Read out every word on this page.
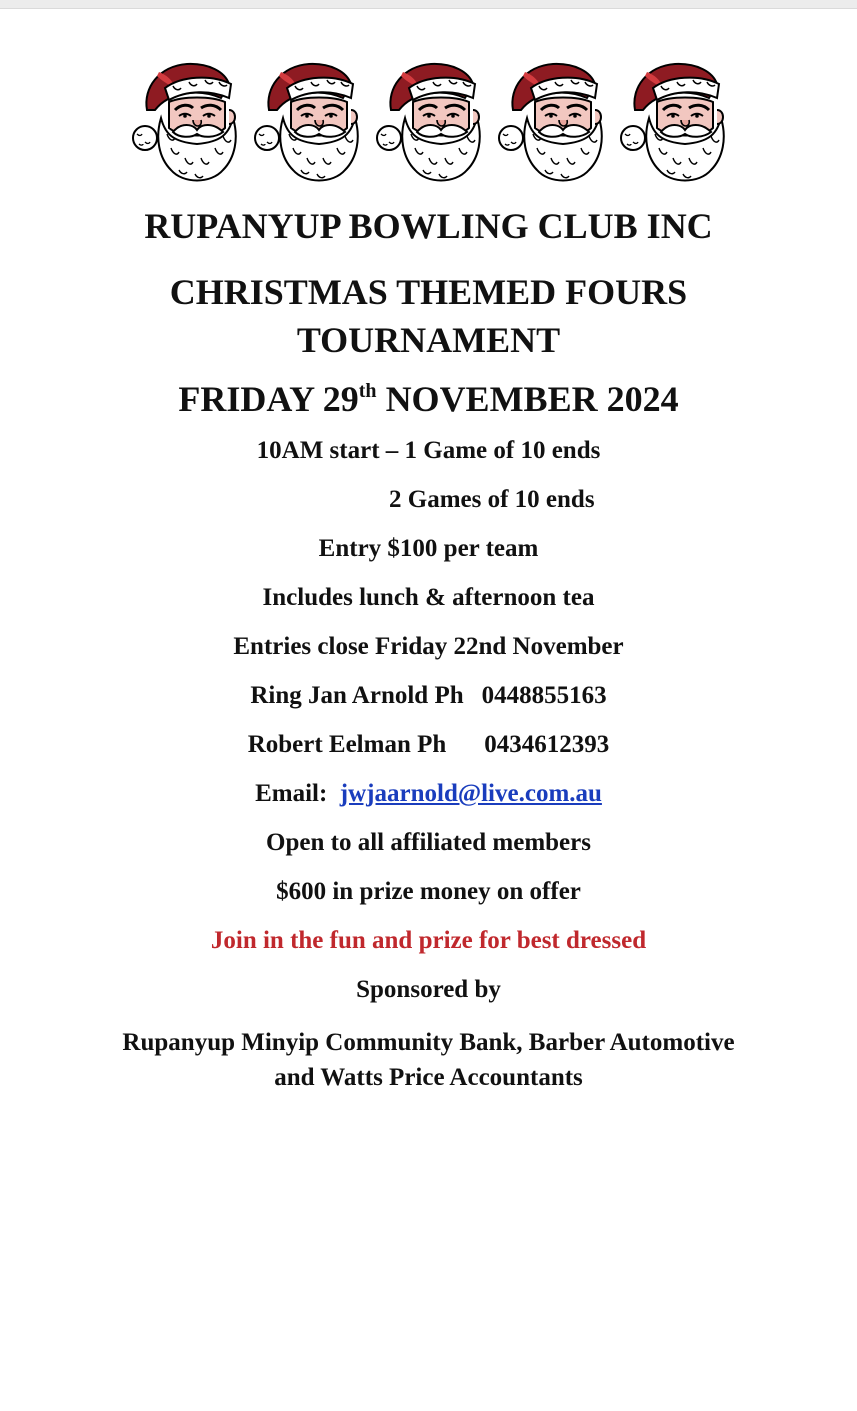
RUPANYUP BOWLING CLUB INC
CHRISTMAS THEMED FOURS
TOURNAMENT
FRIDAY 29th NOVEMBER 2024
10AM start – 1 Game of 10 ends
2 Games of 10 ends
Entry $100 per team
Includes lunch & afternoon tea
Entries close Friday 22nd November
Ring Jan Arnold Ph 0448855163
Robert Eelman Ph 0434612393
Email: jwjaarnold@live.com.au
Open to all affiliated members
$600 in prize money on offer
Join in the fun and prize for best dressed
Sponsored by
Rupanyup Minyip Community Bank, Barber Automotive
and Watts Price Accountants
